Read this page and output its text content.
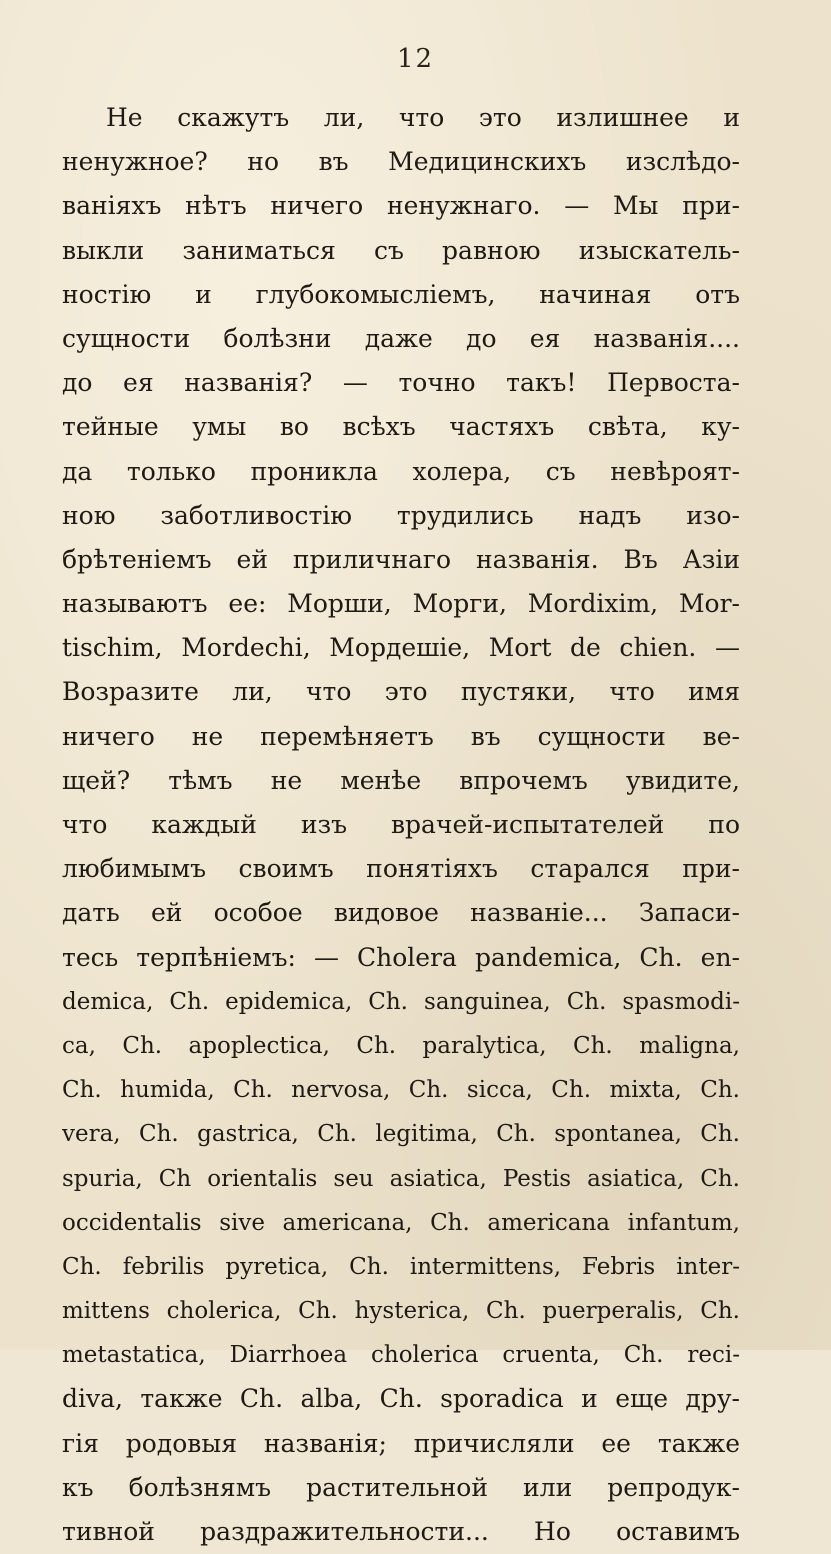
12
Не скажутъ ли, что это излишнее и
ненужное? но въ Медицинскихъ изслѣдо-
ваніяхъ нѣтъ ничего ненужнаго. — Мы при-
выкли заниматься съ равною изыскатель-
ностію и глубокомысліемъ, начиная отъ
сущности болѣзни даже до ея названія....
до ея названія? — точно такъ! Первоста-
тейные умы во всѣхъ частяхъ свѣта, ку-
да только проникла холера, съ невѣроят-
ною заботливостію трудились надъ изо-
брѣтеніемъ ей приличнаго названія. Въ Азіи
называютъ ее: Морши, Морги, Mordixim, Mor-
tischim, Mordechi, Мордешіе, Mort de chien. —
Возразите ли, что это пустяки, что имя
ничего не перемѣняетъ въ сущности ве-
щей? тѣмъ не менѣе впрочемъ увидите,
что каждый изъ врачей-испытателей по
любимымъ своимъ понятіяхъ старался при-
дать ей особое видовое названіе... Запаси-
тесь терпѣніемъ: — Cholera pandemica, Ch. en-
demica, Ch. epidemica, Ch. sanguinea, Ch. spasmodi-
ca, Ch. apoplectica, Ch. paralytica, Ch. maligna,
Ch. humida, Ch. nervosa, Ch. sicca, Ch. mixta, Ch.
vera, Ch. gastrica, Ch. legitima, Ch. spontanea, Ch.
spuria, Ch orientalis seu asiatica, Pestis asiatica, Ch.
occidentalis sive americana, Ch. americana infantum,
Ch. febrilis pyretica, Ch. intermittens, Febris inter-
mittens cholerica, Ch. hysterica, Ch. puerperalis, Ch.
metastatica, Diarrhoea cholerica cruenta, Ch. reci-
diva, также Ch. alba, Ch. sporadica и еще дру-
гія родовыя названія; причисляли ее также
къ болѣзнямъ растительной или репродук-
тивной раздражительности... Но оставимъ
